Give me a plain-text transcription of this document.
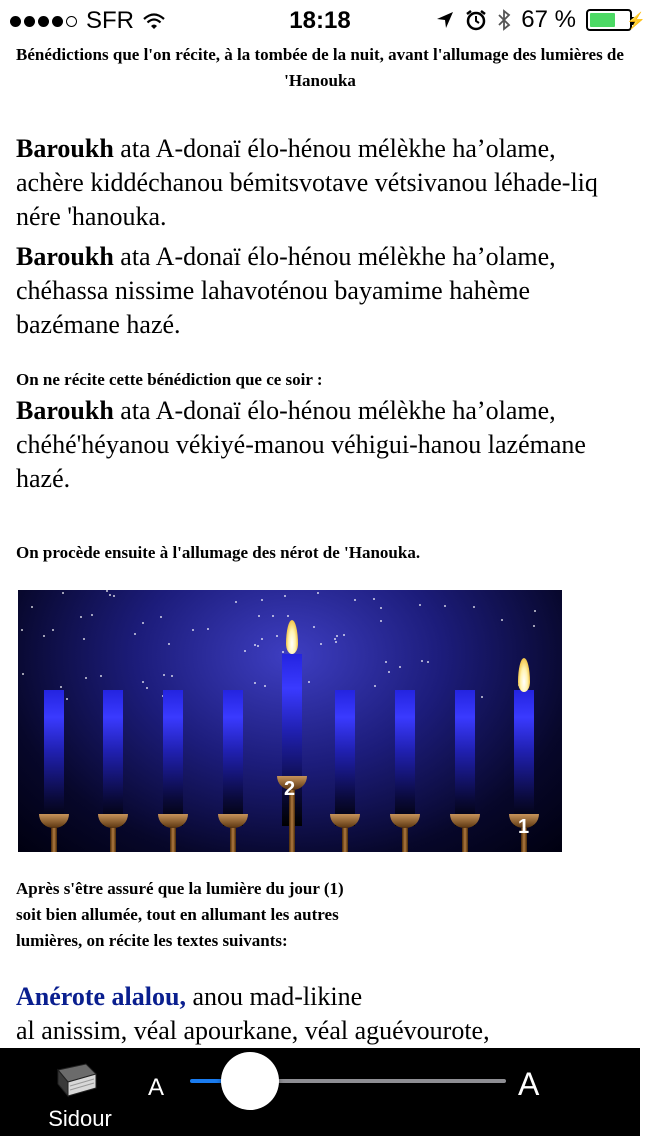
SFR	18:18	67 %	⚡
Bénédictions que l'on récite, à la tombée de la nuit, avant l'allumage des lumières de 'Hanouka
Baroukh ata A-donaï élo-hénou mélèkhe ha’olame, achère kiddéchanou bémitsvotave vétsivanou léhade-liq nére 'hanouka.
Baroukh ata A-donaï élo-hénou mélèkhe ha’olame, chéhassa nissime lahavoténou bayamime hahème bazémane hazé.
On ne récite cette bénédiction que ce soir :
Baroukh ata A-donaï élo-hénou mélèkhe ha’olame, chéhé'héyanou vékiyé-manou véhigui-hanou lazémane hazé.
On procède ensuite à l'allumage des nérot de 'Hanouka.
2
1
Après s'être assuré que la lumière du jour (1)
soit bien allumée, tout en allumant les autres
lumières, on récite les textes suivants:
Anérote alalou, anou mad-likine
al anissim, véal apourkane, véal aguévourote,
Sidour
A	A
